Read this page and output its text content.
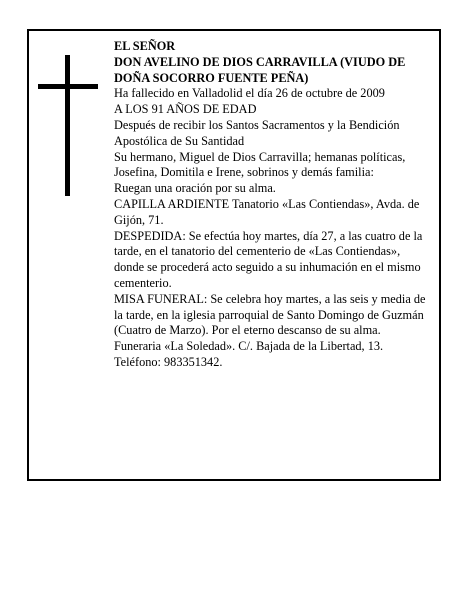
EL SEÑOR

DON AVELINO DE DIOS CARRAVILLA (VIUDO DE DOÑA SOCORRO FUENTE PEÑA)

Ha fallecido en Valladolid el día 26 de octubre de 2009

A LOS 91 AÑOS DE EDAD

Después de recibir los Santos Sacramentos y la Bendición Apostólica de Su Santidad

Su hermano, Miguel de Dios Carravilla; hemanas políticas, Josefina, Domitila e Irene, sobrinos y demás familia:

Ruegan una oración por su alma.

CAPILLA ARDIENTE Tanatorio «Las Contiendas», Avda. de Gijón, 71.

DESPEDIDA: Se efectúa hoy martes, día 27, a las cuatro de la tarde, en el tanatorio del cementerio de «Las Contiendas», donde se procederá acto seguido a su inhumación en el mismo cementerio.

MISA FUNERAL: Se celebra hoy martes, a las seis y media de la tarde, en la iglesia parroquial de Santo Domingo de Guzmán (Cuatro de Marzo). Por el eterno descanso de su alma.

Funeraria «La Soledad». C/. Bajada de la Libertad, 13. Teléfono: 983351342.
